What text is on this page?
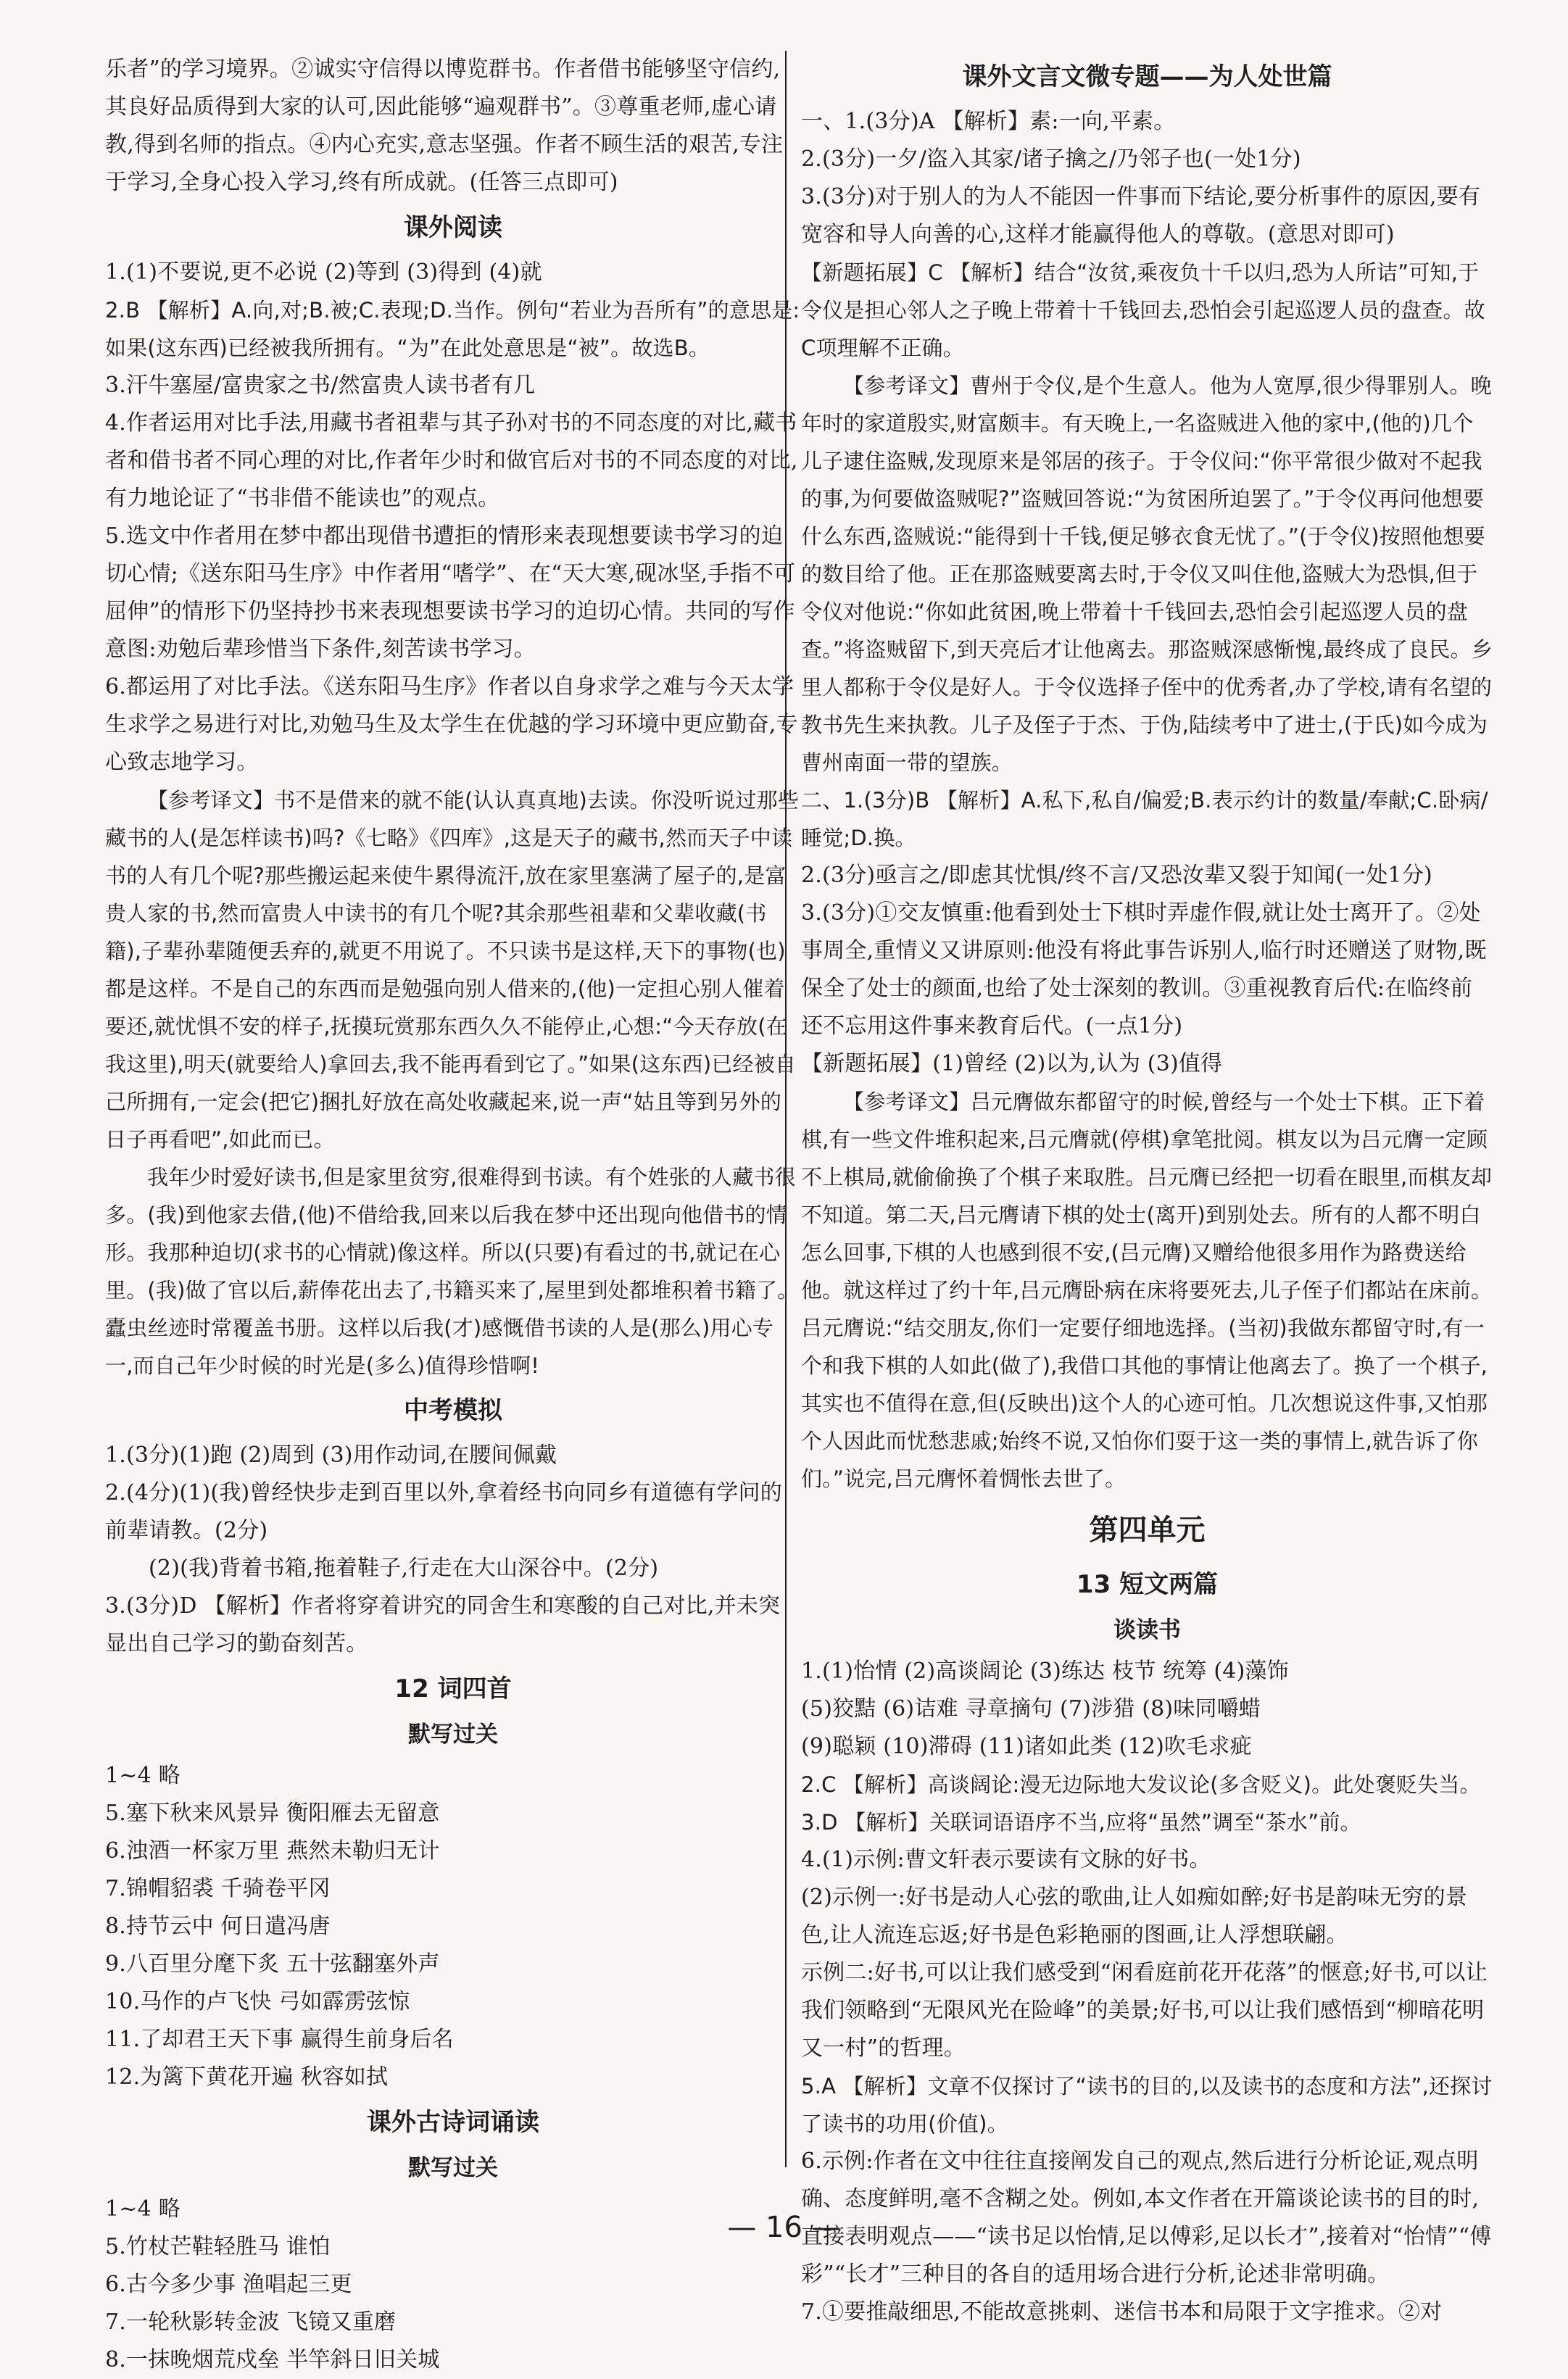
乐者”的学习境界。②诚实守信得以博览群书。作者借书能够坚守信约,其良好品质得到大家的认可,因此能够“遍观群书”。③尊重老师,虚心请教,得到名师的指点。④内心充实,意志坚强。作者不顾生活的艰苦,专注于学习,全身心投入学习,终有所成就。(任答三点即可)

课外阅读

1.(1)不要说,更不必说 (2)等到 (3)得到 (4)就

2.B 【解析】A.向,对;B.被;C.表现;D.当作。例句“若业为吾所有”的意思是:如果(这东西)已经被我所拥有。“为”在此处意思是“被”。故选B。

3.汗牛塞屋/富贵家之书/然富贵人读书者有几

4.作者运用对比手法,用藏书者祖辈与其子孙对书的不同态度的对比,藏书者和借书者不同心理的对比,作者年少时和做官后对书的不同态度的对比,有力地论证了“书非借不能读也”的观点。

5.选文中作者用在梦中都出现借书遭拒的情形来表现想要读书学习的迫切心情;《送东阳马生序》中作者用“嗜学”、在“天大寒,砚冰坚,手指不可屈伸”的情形下仍坚持抄书来表现想要读书学习的迫切心情。共同的写作意图:劝勉后辈珍惜当下条件,刻苦读书学习。

6.都运用了对比手法。《送东阳马生序》作者以自身求学之难与今天太学生求学之易进行对比,劝勉马生及太学生在优越的学习环境中更应勤奋,专心致志地学习。

【参考译文】书不是借来的就不能(认认真真地)去读。你没听说过那些藏书的人(是怎样读书)吗?《七略》《四库》,这是天子的藏书,然而天子中读书的人有几个呢?那些搬运起来使牛累得流汗,放在家里塞满了屋子的,是富贵人家的书,然而富贵人中读书的有几个呢?其余那些祖辈和父辈收藏(书籍),子辈孙辈随便丢弃的,就更不用说了。不只读书是这样,天下的事物(也)都是这样。不是自己的东西而是勉强向别人借来的,(他)一定担心别人催着要还,就忧惧不安的样子,抚摸玩赏那东西久久不能停止,心想:“今天存放(在我这里),明天(就要给人)拿回去,我不能再看到它了。”如果(这东西)已经被自己所拥有,一定会(把它)捆扎好放在高处收藏起来,说一声“姑且等到另外的日子再看吧”,如此而已。

我年少时爱好读书,但是家里贫穷,很难得到书读。有个姓张的人藏书很多。(我)到他家去借,(他)不借给我,回来以后我在梦中还出现向他借书的情形。我那种迫切(求书的心情就)像这样。所以(只要)有看过的书,就记在心里。(我)做了官以后,薪俸花出去了,书籍买来了,屋里到处都堆积着书籍了。蠹虫丝迹时常覆盖书册。这样以后我(才)感慨借书读的人是(那么)用心专一,而自己年少时候的时光是(多么)值得珍惜啊!

中考模拟

1.(3分)(1)跑 (2)周到 (3)用作动词,在腰间佩戴

2.(4分)(1)(我)曾经快步走到百里以外,拿着经书向同乡有道德有学问的前辈请教。(2分)

(2)(我)背着书箱,拖着鞋子,行走在大山深谷中。(2分)

3.(3分)D 【解析】作者将穿着讲究的同舍生和寒酸的自己对比,并未突显出自己学习的勤奋刻苦。

12 词四首
默写过关

1~4 略

5.塞下秋来风景异 衡阳雁去无留意

6.浊酒一杯家万里 燕然未勒归无计

7.锦帽貂裘 千骑卷平冈

8.持节云中 何日遣冯唐

9.八百里分麾下炙 五十弦翻塞外声

10.马作的卢飞快 弓如霹雳弦惊

11.了却君王天下事 赢得生前身后名

12.为篱下黄花开遍 秋容如拭

课外古诗词诵读
默写过关

1~4 略

5.竹杖芒鞋轻胜马 谁怕

6.古今多少事 渔唱起三更

7.一轮秋影转金波 飞镜又重磨

8.一抹晚烟荒戍垒 半竿斜日旧关城

课外文言文微专题——为人处世篇

一、1.(3分)A 【解析】素:一向,平素。

2.(3分)一夕/盗入其家/诸子擒之/乃邻子也(一处1分)

3.(3分)对于别人的为人不能因一件事而下结论,要分析事件的原因,要有宽容和导人向善的心,这样才能赢得他人的尊敬。(意思对即可)

【新题拓展】C 【解析】结合“汝贫,乘夜负十千以归,恐为人所诘”可知,于令仪是担心邻人之子晚上带着十千钱回去,恐怕会引起巡逻人员的盘查。故C项理解不正确。

【参考译文】曹州于令仪,是个生意人。他为人宽厚,很少得罪别人。晚年时的家道殷实,财富颇丰。有天晚上,一名盗贼进入他的家中,(他的)几个儿子逮住盗贼,发现原来是邻居的孩子。于令仪问:“你平常很少做对不起我的事,为何要做盗贼呢?”盗贼回答说:“为贫困所迫罢了。”于令仪再问他想要什么东西,盗贼说:“能得到十千钱,便足够衣食无忧了。”(于令仪)按照他想要的数目给了他。正在那盗贼要离去时,于令仪又叫住他,盗贼大为恐惧,但于令仪对他说:“你如此贫困,晚上带着十千钱回去,恐怕会引起巡逻人员的盘查。”将盗贼留下,到天亮后才让他离去。那盗贼深感惭愧,最终成了良民。乡里人都称于令仪是好人。于令仪选择子侄中的优秀者,办了学校,请有名望的教书先生来执教。儿子及侄子于杰、于伪,陆续考中了进士,(于氏)如今成为曹州南面一带的望族。

二、1.(3分)B 【解析】A.私下,私自/偏爱;B.表示约计的数量/奉献;C.卧病/睡觉;D.换。

2.(3分)亟言之/即虑其忧惧/终不言/又恐汝辈又裂于知闻(一处1分)

3.(3分)①交友慎重:他看到处士下棋时弄虚作假,就让处士离开了。②处事周全,重情义又讲原则:他没有将此事告诉别人,临行时还赠送了财物,既保全了处士的颜面,也给了处士深刻的教训。③重视教育后代:在临终前还不忘用这件事来教育后代。(一点1分)

【新题拓展】(1)曾经 (2)以为,认为 (3)值得

【参考译文】吕元膺做东都留守的时候,曾经与一个处士下棋。正下着棋,有一些文件堆积起来,吕元膺就(停棋)拿笔批阅。棋友以为吕元膺一定顾不上棋局,就偷偷换了个棋子来取胜。吕元膺已经把一切看在眼里,而棋友却不知道。第二天,吕元膺请下棋的处士(离开)到别处去。所有的人都不明白怎么回事,下棋的人也感到很不安,(吕元膺)又赠给他很多用作为路费送给他。就这样过了约十年,吕元膺卧病在床将要死去,儿子侄子们都站在床前。吕元膺说:“结交朋友,你们一定要仔细地选择。(当初)我做东都留守时,有一个和我下棋的人如此(做了),我借口其他的事情让他离去了。换了一个棋子,其实也不值得在意,但(反映出)这个人的心迹可怕。几次想说这件事,又怕那个人因此而忧愁悲戚;始终不说,又怕你们耍于这一类的事情上,就告诉了你们。”说完,吕元膺怀着惆怅去世了。

第四单元
13 短文两篇
谈读书

1.(1)怡情 (2)高谈阔论 (3)练达 枝节 统筹 (4)藻饰
(5)狡黠 (6)诘难 寻章摘句 (7)涉猎 (8)味同嚼蜡
(9)聪颖 (10)滞碍 (11)诸如此类 (12)吹毛求疵

2.C 【解析】高谈阔论:漫无边际地大发议论(多含贬义)。此处褒贬失当。

3.D 【解析】关联词语语序不当,应将“虽然”调至“茶水”前。

4.(1)示例:曹文轩表示要读有文脉的好书。

(2)示例一:好书是动人心弦的歌曲,让人如痴如醉;好书是韵味无穷的景色,让人流连忘返;好书是色彩艳丽的图画,让人浮想联翩。

示例二:好书,可以让我们感受到“闲看庭前花开花落”的惬意;好书,可以让我们领略到“无限风光在险峰”的美景;好书,可以让我们感悟到“柳暗花明又一村”的哲理。

5.A 【解析】文章不仅探讨了“读书的目的,以及读书的态度和方法”,还探讨了读书的功用(价值)。

6.示例:作者在文中往往直接阐发自己的观点,然后进行分析论证,观点明确、态度鲜明,毫不含糊之处。例如,本文作者在开篇谈论读书的目的时,直接表明观点——“读书足以怡情,足以傅彩,足以长才”,接着对“怡情”“傅彩”“长才”三种目的各自的适用场合进行分析,论述非常明确。

7.①要推敲细思,不能故意挑刺、迷信书本和局限于文字推求。②对

— 16 —
